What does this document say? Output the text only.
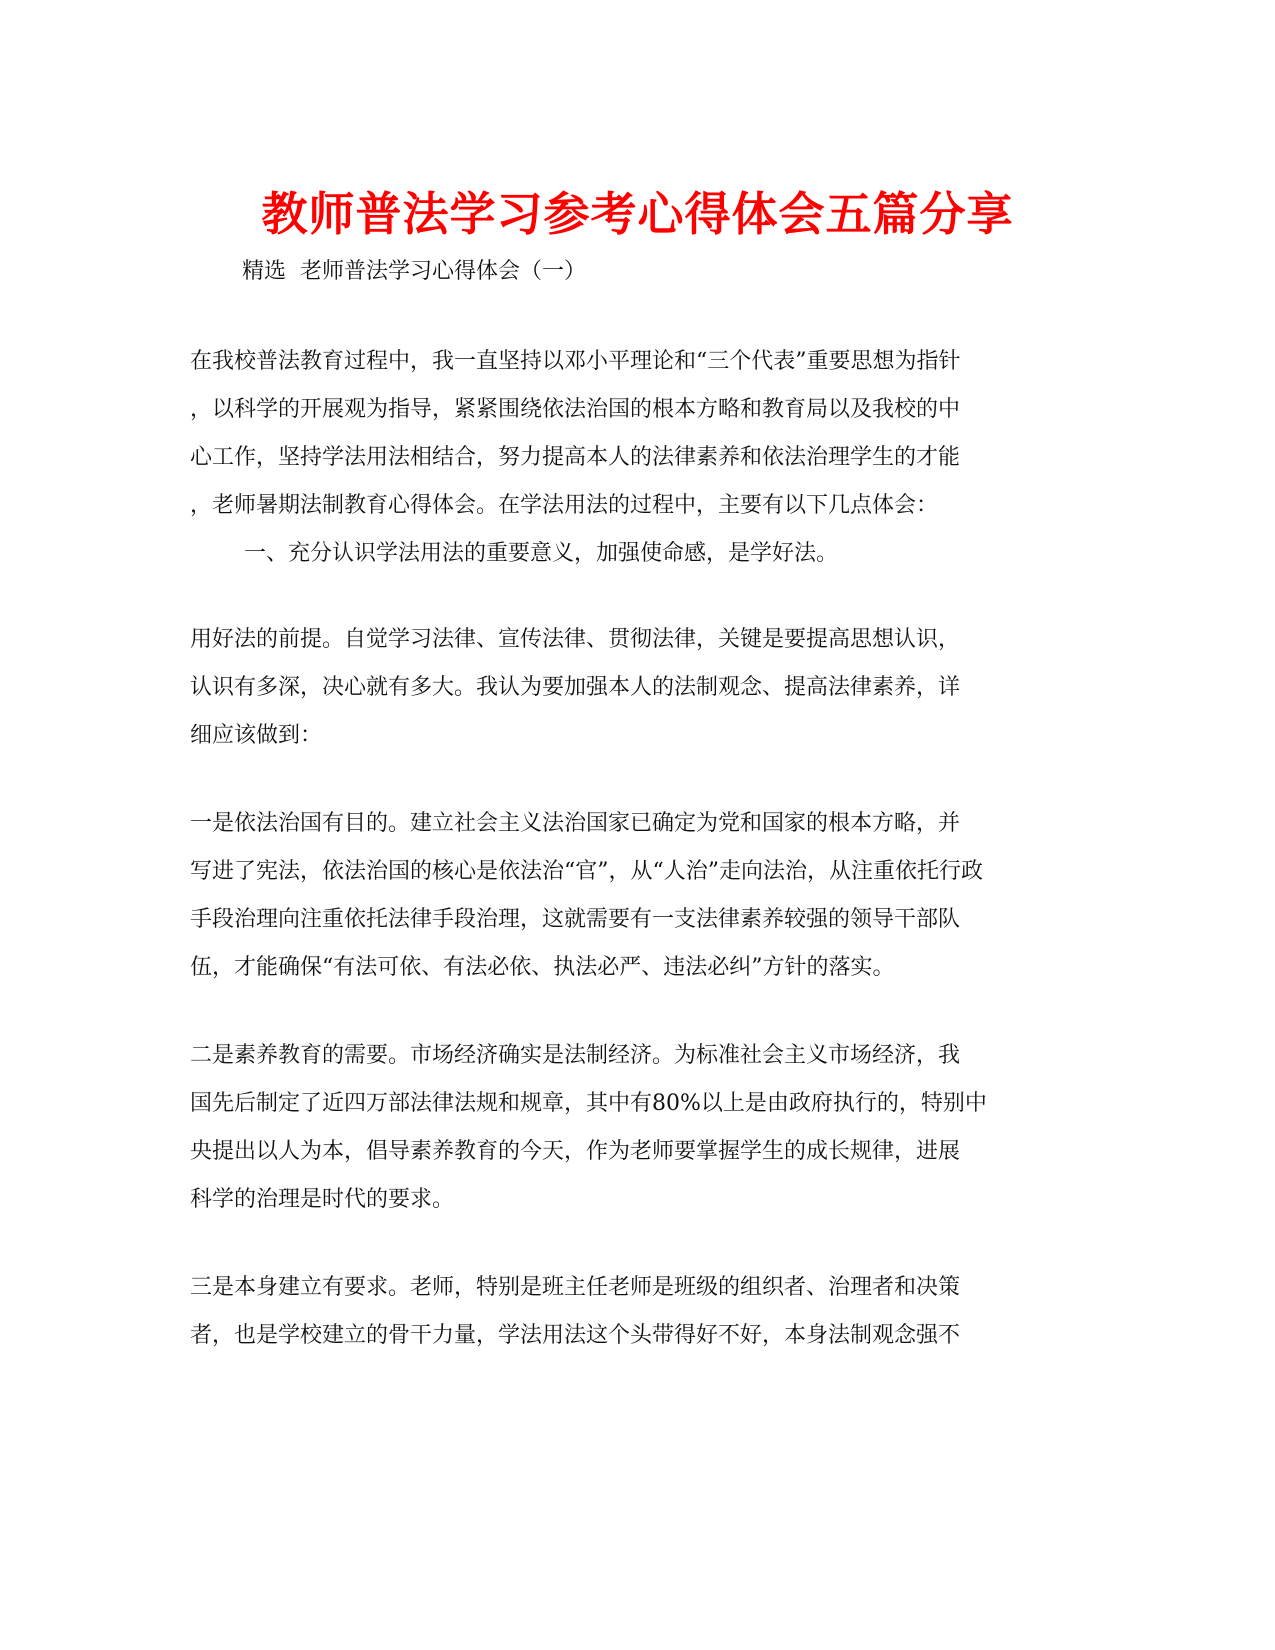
教师普法学习参考心得体会五篇分享

精选  老师普法学习心得体会（一）

在我校普法教育过程中，我一直坚持以邓小平理论和“三个代表”重要思想为指针
，以科学的开展观为指导，紧紧围绕依法治国的根本方略和教育局以及我校的中
心工作，坚持学法用法相结合，努力提高本人的法律素养和依法治理学生的才能
，老师暑期法制教育心得体会。在学法用法的过程中，主要有以下几点体会：
一、充分认识学法用法的重要意义，加强使命感，是学好法。
用好法的前提。自觉学习法律、宣传法律、贯彻法律，关键是要提高思想认识，
认识有多深，决心就有多大。我认为要加强本人的法制观念、提高法律素养，详
细应该做到：
一是依法治国有目的。建立社会主义法治国家已确定为党和国家的根本方略，并
写进了宪法，依法治国的核心是依法治“官”，从“人治”走向法治，从注重依托行政
手段治理向注重依托法律手段治理，这就需要有一支法律素养较强的领导干部队
伍，才能确保“有法可依、有法必依、执法必严、违法必纠”方针的落实。
二是素养教育的需要。市场经济确实是法制经济。为标准社会主义市场经济，我
国先后制定了近四万部法律法规和规章，其中有80%以上是由政府执行的，特别中
央提出以人为本，倡导素养教育的今天，作为老师要掌握学生的成长规律，进展
科学的治理是时代的要求。
三是本身建立有要求。老师，特别是班主任老师是班级的组织者、治理者和决策
者，也是学校建立的骨干力量，学法用法这个头带得好不好，本身法制观念强不
